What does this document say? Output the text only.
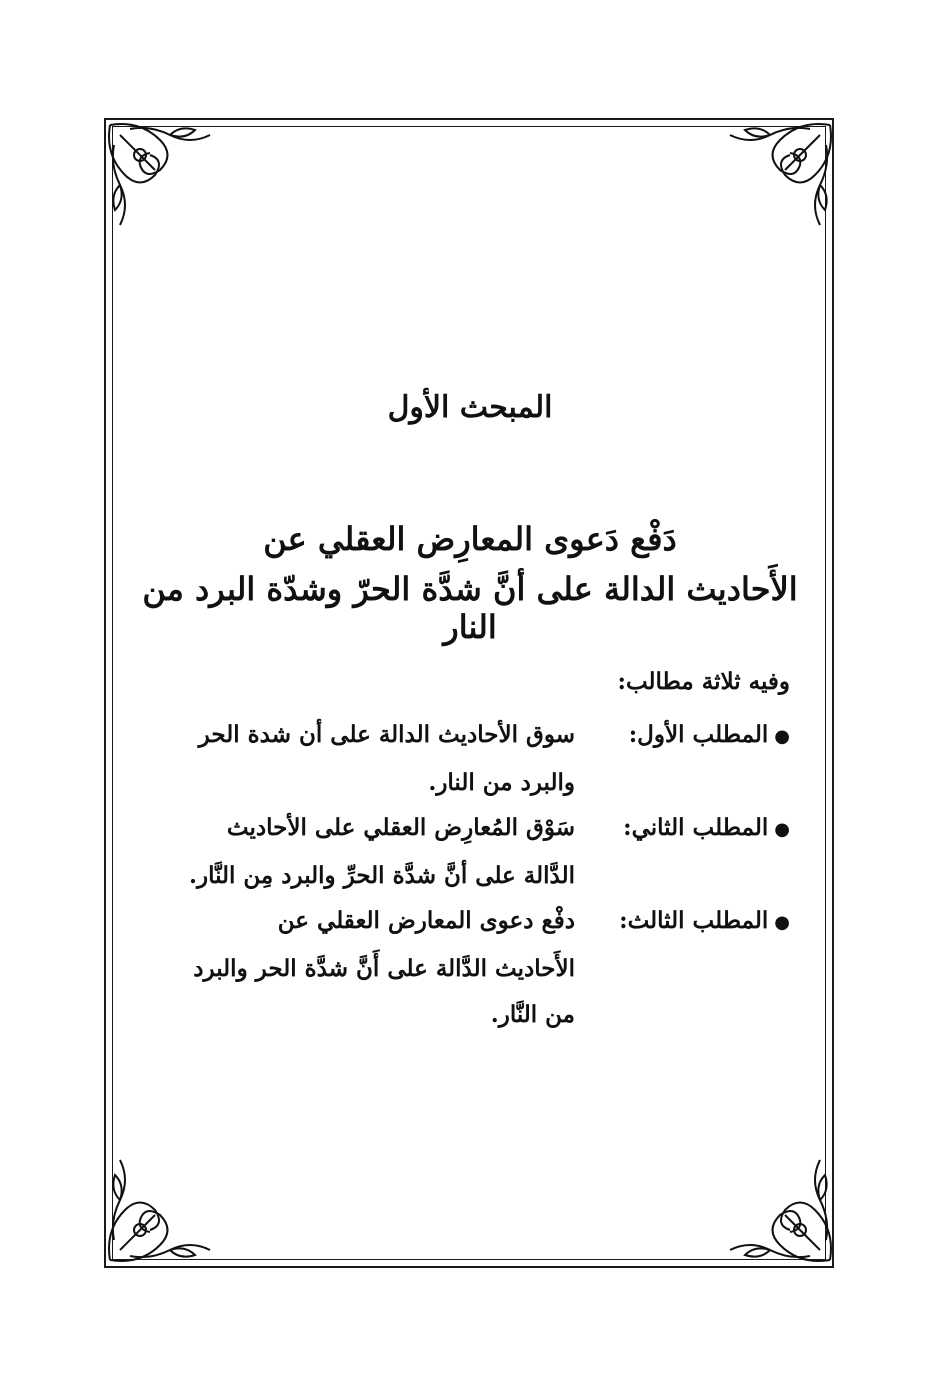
المبحث الأول
دَفْع دَعوى المعارِض العقلي عن
الأَحاديث الدالة على أنَّ شدَّة الحرّ وشدّة البرد من النار
وفيه ثلاثة مطالب:
●المطلب الأول:سوق الأحاديث الدالة على أن شدة الحر
والبرد من النار.
●المطلب الثاني:سَوْق المُعارِض العقلي على الأحاديث
الدَّالة على أنَّ شدَّة الحرِّ والبرد مِن النَّار.
●المطلب الثالث:دفْع دعوى المعارض العقلي عن
الأَحاديث الدَّالة على أَنَّ شدَّة الحر والبرد
من النَّار.
